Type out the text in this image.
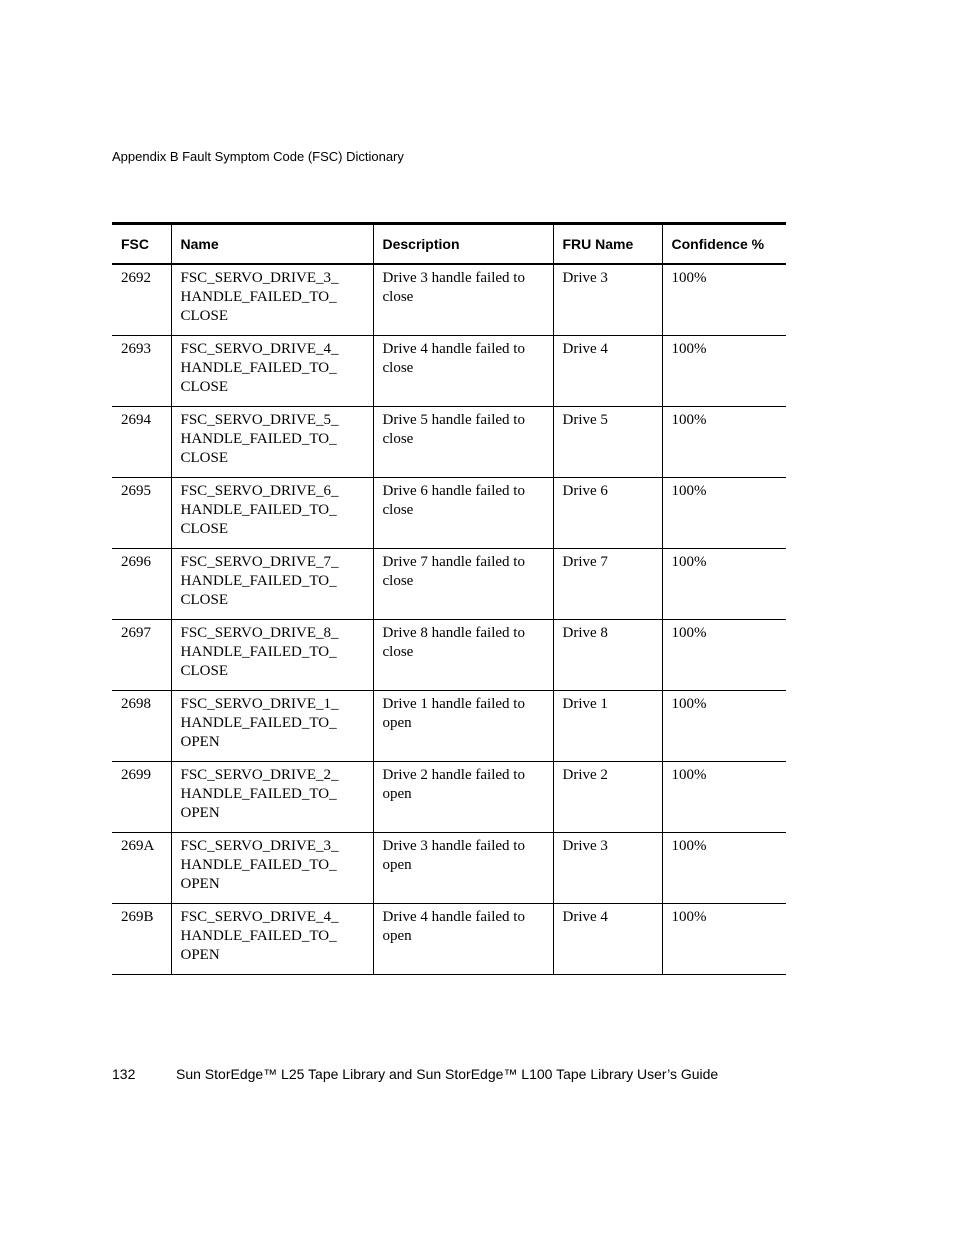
Appendix B Fault Symptom Code (FSC) Dictionary
FSC	Name	Description	FRU Name	Confidence %
2692	FSC_SERVO_DRIVE_3_
HANDLE_FAILED_TO_
CLOSE	Drive 3 handle failed to
close	Drive 3	100%
2693	FSC_SERVO_DRIVE_4_
HANDLE_FAILED_TO_
CLOSE	Drive 4 handle failed to
close	Drive 4	100%
2694	FSC_SERVO_DRIVE_5_
HANDLE_FAILED_TO_
CLOSE	Drive 5 handle failed to
close	Drive 5	100%
2695	FSC_SERVO_DRIVE_6_
HANDLE_FAILED_TO_
CLOSE	Drive 6 handle failed to
close	Drive 6	100%
2696	FSC_SERVO_DRIVE_7_
HANDLE_FAILED_TO_
CLOSE	Drive 7 handle failed to
close	Drive 7	100%
2697	FSC_SERVO_DRIVE_8_
HANDLE_FAILED_TO_
CLOSE	Drive 8 handle failed to
close	Drive 8	100%
2698	FSC_SERVO_DRIVE_1_
HANDLE_FAILED_TO_
OPEN	Drive 1 handle failed to
open	Drive 1	100%
2699	FSC_SERVO_DRIVE_2_
HANDLE_FAILED_TO_
OPEN	Drive 2 handle failed to
open	Drive 2	100%
269A	FSC_SERVO_DRIVE_3_
HANDLE_FAILED_TO_
OPEN	Drive 3 handle failed to
open	Drive 3	100%
269B	FSC_SERVO_DRIVE_4_
HANDLE_FAILED_TO_
OPEN	Drive 4 handle failed to
open	Drive 4	100%
132	Sun StorEdge™ L25 Tape Library and Sun StorEdge™ L100 Tape Library User’s Guide
